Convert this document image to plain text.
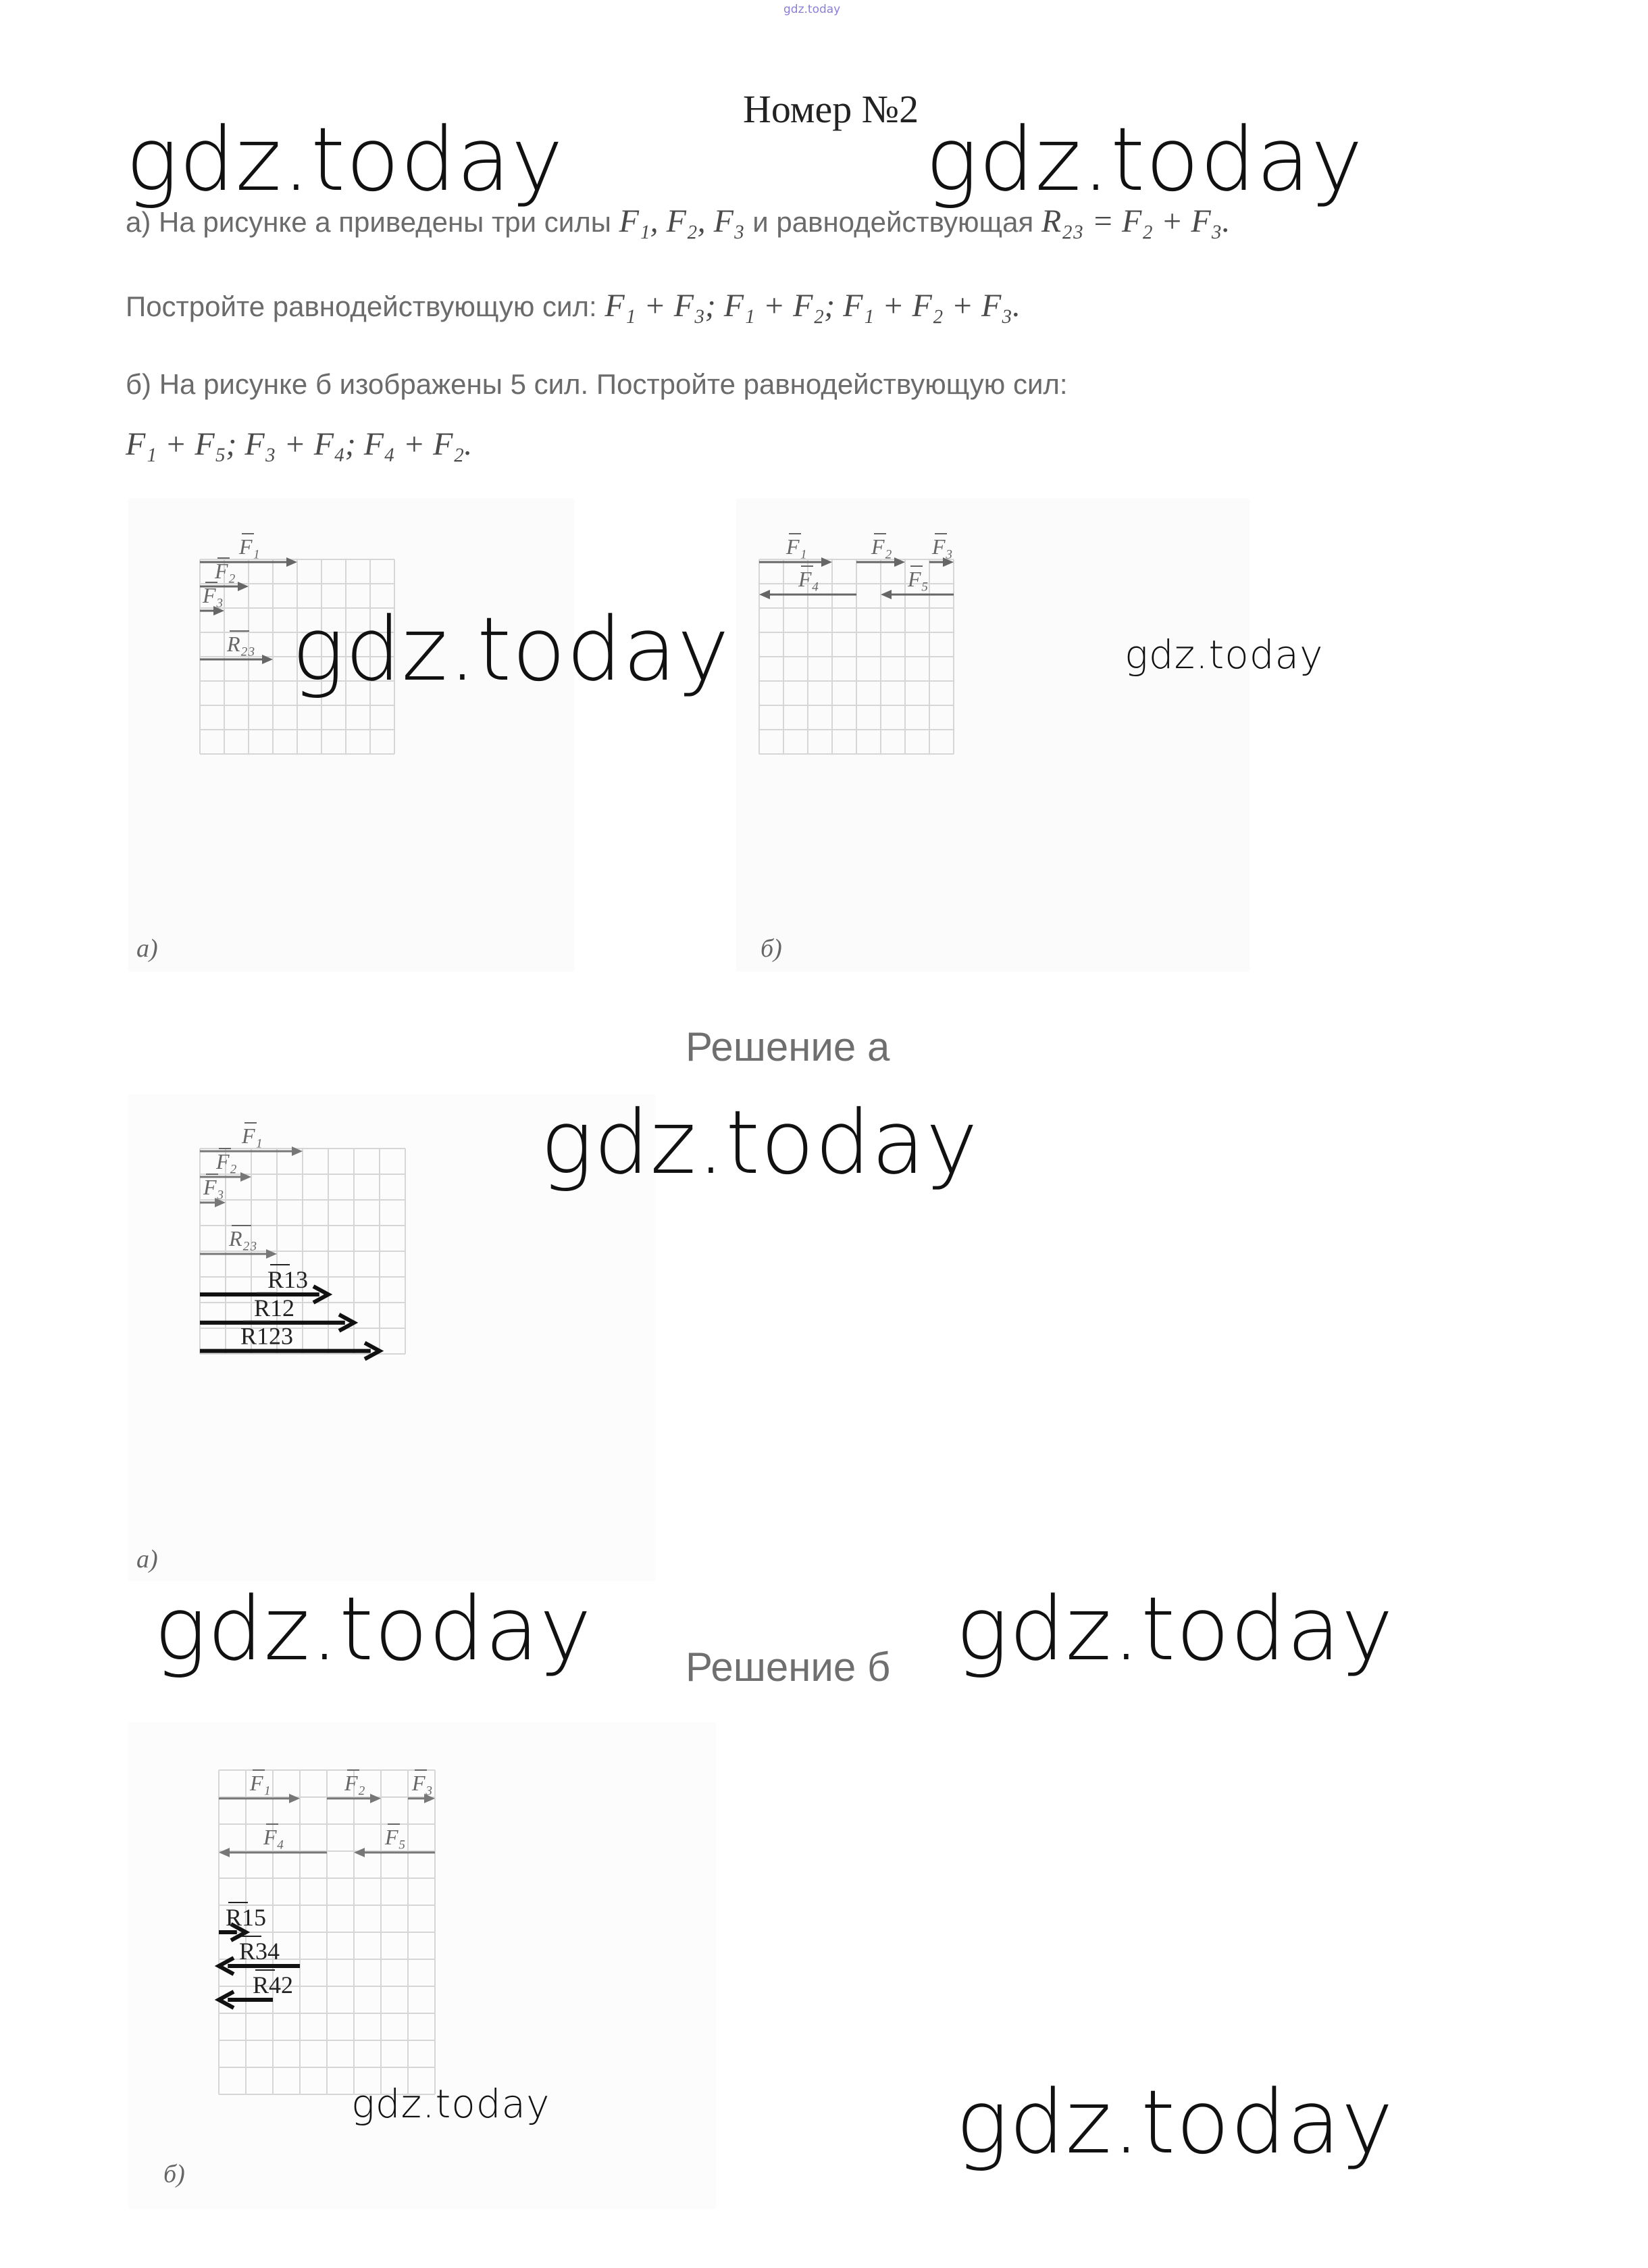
gdz.today
Номер №2
а) На рисунке а приведены три силы F₁, F₂, F₃ и равнодействующая R₂₃ = F₂ + F₃.
Постройте равнодействующую сил: F₁ + F₃; F₁ + F₂; F₁ + F₂ + F₃.
б) На рисунке б изображены 5 сил. Постройте равнодействующую сил:
F₁ + F₅; F₃ + F₄; F₄ + F₂.
F₁
F₂
F₃
R₂₃
а)
F₁	F₂ F₃
F₄	F₅
б)
Решение а
F₁
F₂
F₃
R₂₃
R13
R12
R123
а)
Решение б
F₁	F₂ F₃
F₄	F₅
R15
R34
R42
б)
gdz.today	gdz.today
gdz.today	gdz.today
gdz.today
gdz.today	gdz.today
gdz.today	gdz.today
